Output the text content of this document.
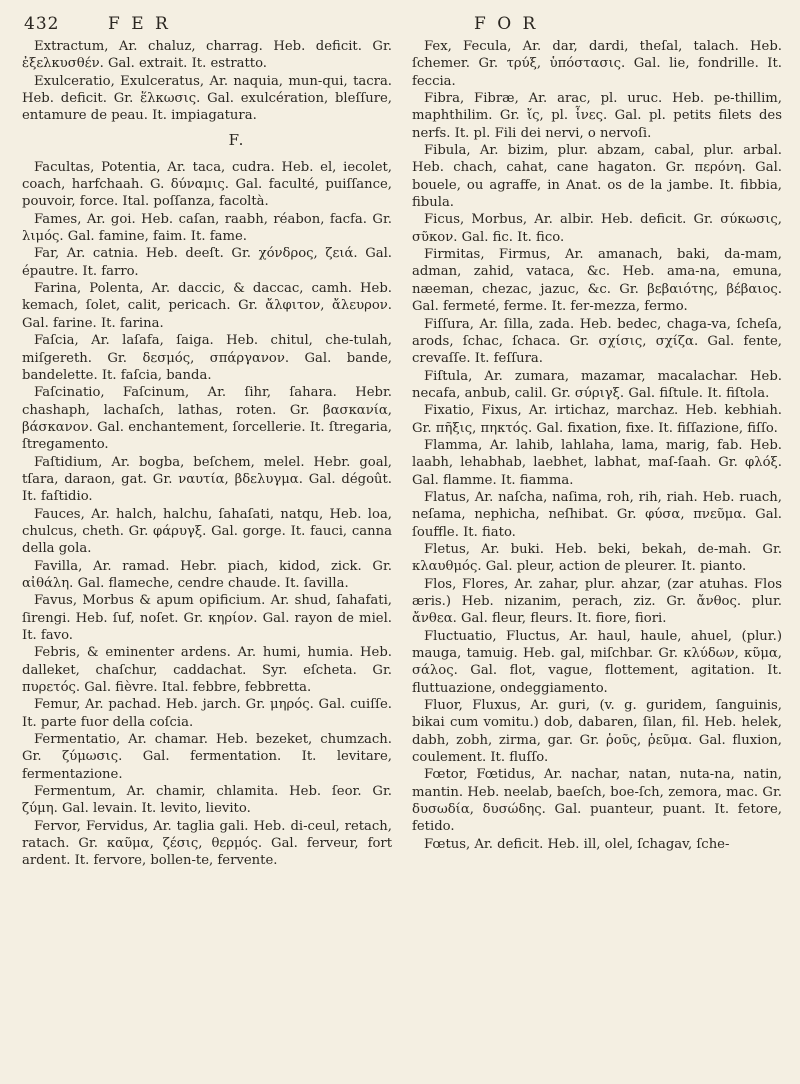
432	F E R	F O R

Extractum, Ar. chaluz, charrag. Heb. deficit. Gr. ἐξελκυσθέν. Gal. extrait. It. estratto.

Exulceratio, Exulceratus, Ar. naquia, mun-qui, tacra. Heb. deficit. Gr. ἕλκωσις. Gal. exulcération, bleſſure, entamure de peau. It. impiagatura.

F.

Facultas, Potentia, Ar. taca, cudra. Heb. el, iecolet, coach, harfchaah. G. δύναμις. Gal. faculté, puiſſance, pouvoir, force. Ital. poſſanza, facoltà.

Fames, Ar. goi. Heb. caſan, raabh, réabon, facfa. Gr. λιμός. Gal. famine, faim. It. fame.

Far, Ar. catnia. Heb. deeſt. Gr. χόνδρος, ζειά. Gal. épautre. It. farro.

Farina, Polenta, Ar. daccic, & daccac, camh. Heb. kemach, ſolet, calit, pericach. Gr. ἄλφιτον, ἄλευρον. Gal. farine. It. farina.

Faſcia, Ar. laſafa, ſaiga. Heb. chitul, che-tulah, miſgereth. Gr. δεσμός, σπάργανον. Gal. bande, bandelette. It. faſcia, banda.

Faſcinatio, Faſcinum, Ar. ſihr, ſahara. Hebr. chashaph, lachaſch, lathas, roten. Gr. βασκανία, βάσκανον. Gal. enchantement, ſorcellerie. It. ſtregaria, ſtregamento.

Faſtidium, Ar. bogba, beſchem, melel. Hebr. goal, tſara, daraon, gat. Gr. ναυτία, βδελυγμα. Gal. dégoût. It. faſtidio.

Fauces, Ar. halch, halchu, ſahaſati, natqu, Heb. loa, chulcus, cheth. Gr. φάρυγξ. Gal. gorge. It. fauci, canna della gola.

Favilla, Ar. ramad. Hebr. piach, kidod, zick. Gr. αἰθάλη. Gal. flameche, cendre chaude. It. ſavilla.

Favus, Morbus & apum opificium. Ar. shud, ſahafati, ſirengi. Heb. ſuf, noſet. Gr. κηρίον. Gal. rayon de miel. It. favo.

Febris, & eminenter ardens. Ar. humi, humia. Heb. dalleket, chaſchur, caddachat. Syr. eſcheta. Gr. πυρετός. Gal. fièvre. Ital. febbre, febbretta.

Femur, Ar. pachad. Heb. jarch. Gr. μηρός. Gal. cuiſſe. It. parte fuor della coſcia.

Fermentatio, Ar. chamar. Heb. bezeket, chumzach. Gr. ζύμωσις. Gal. fermentation. It. levitare, fermentazione.

Fermentum, Ar. chamir, chlamita. Heb. ſeor. Gr. ζύμη. Gal. levain. It. levito, lievito.

Fervor, Fervidus, Ar. taglia gali. Heb. di-ceul, retach, ratach. Gr. καῦμα, ζέσις, θερμός. Gal. ferveur, fort ardent. It. fervore, bollen-te, fervente.

Fex, Fecula, Ar. dar, dardi, theſal, talach. Heb. ſchemer. Gr. τρύξ, ὑπόστασις. Gal. lie, fondrille. It. feccia.

Fibra, Fibræ, Ar. arac, pl. uruc. Heb. pe-thillim, maphthilim. Gr. ἴς, pl. ἶνες. Gal. pl. petits filets des nerfs. It. pl. Fili dei nervi, o nervoſi.

Fibula, Ar. bizim, plur. abzam, cabal, plur. arbal. Heb. chach, cahat, cane hagaton. Gr. περόνη. Gal. bouele, ou agraffe, in Anat. os de la jambe. It. fibbia, fibula.

Ficus, Morbus, Ar. albir. Heb. deficit. Gr. σύκωσις, σῦκον. Gal. fic. It. fico.

Firmitas, Firmus, Ar. amanach, baki, da-mam, adman, zahid, vataca, &c. Heb. ama-na, emuna, næeman, chezac, jazuc, &c. Gr. βεβαιότης, βέβαιος. Gal. fermeté, ferme. It. fer-mezza, fermo.

Fiſſura, Ar. ſilla, zada. Heb. bedec, chaga-va, ſcheſa, arods, ſchac, ſchaca. Gr. σχίσις, σχίζα. Gal. fente, crevaſſe. It. feſſura.

Fiſtula, Ar. zumara, mazamar, macalachar. Heb. necafa, anbub, calil. Gr. σύριγξ. Gal. fiſtule. It. fiſtola.

Fixatio, Fixus, Ar. irtichaz, marchaz. Heb. kebhiah. Gr. πῆξις, πηκτός. Gal. fixation, fixe. It. fiſſazione, fiſſo.

Flamma, Ar. lahib, lahlaha, lama, marig, fab. Heb. laabh, lehabhab, laebhet, labhat, maſ-ſaah. Gr. φλόξ. Gal. flamme. It. fiamma.

Flatus, Ar. naſcha, naſima, roh, rih, riah. Heb. ruach, neſama, nephicha, neſhibat. Gr. φύσα, πνεῦμα. Gal. ſouffle. It. fiato.

Fletus, Ar. buki. Heb. beki, bekah, de-mah. Gr. κλαυθμός. Gal. pleur, action de pleurer. It. pianto.

Flos, Flores, Ar. zahar, plur. ahzar, (zar atuhas. Flos æris.) Heb. nizanim, perach, ziz. Gr. ἄνθος. plur. ἄνθεα. Gal. fleur, fleurs. It. fiore, fiori.

Fluctuatio, Fluctus, Ar. haul, haule, ahuel, (plur.) mauga, tamuig. Heb. gal, miſchbar. Gr. κλύδων, κῦμα, σάλος. Gal. flot, vague, flottement, agitation. It. fluttuazione, ondeggiamento.

Fluor, Fluxus, Ar. guri, (v. g. guridem, ſanguinis, bikai cum vomitu.) dob, dabaren, ſilan, fil. Heb. helek, dabh, zobh, zirma, gar. Gr. ῥοῦς, ῥεῦμα. Gal. fluxion, coulement. It. fluſſo.

Fœtor, Fœtidus, Ar. nachar, natan, nuta-na, natin, mantin. Heb. neelab, baeſch, boe-ſch, zemora, mac. Gr. δυσωδία, δυσώδης. Gal. puanteur, puant. It. fetore, fetido.

Fœtus, Ar. deficit. Heb. ill, olel, ſchagav, ſche-
